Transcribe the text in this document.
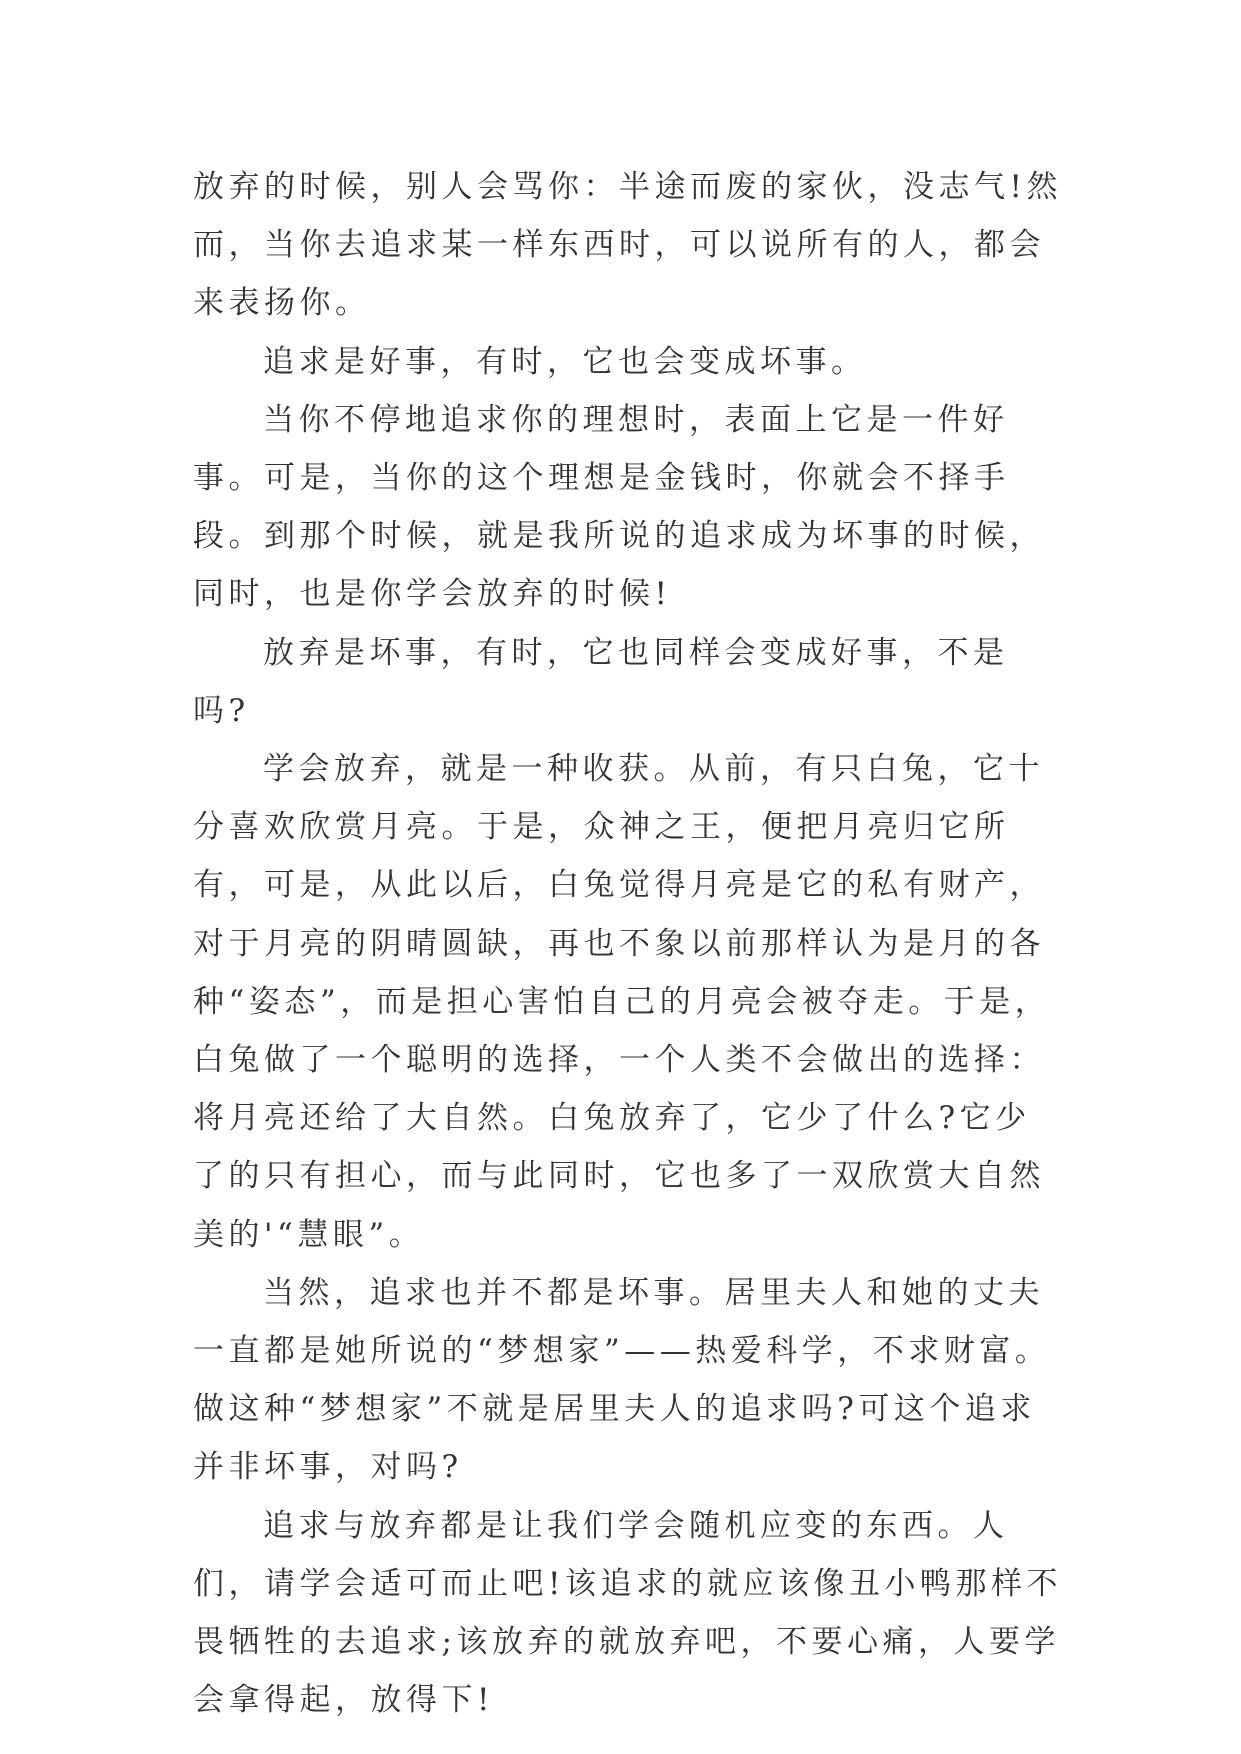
放弃的时候，别人会骂你：半途而废的家伙，没志气!然而，当你去追求某一样东西时，可以说所有的人，都会来表扬你。

追求是好事，有时，它也会变成坏事。

当你不停地追求你的理想时，表面上它是一件好事。可是，当你的这个理想是金钱时，你就会不择手段。到那个时候，就是我所说的追求成为坏事的时候，同时，也是你学会放弃的时候!

放弃是坏事，有时，它也同样会变成好事，不是吗?

学会放弃，就是一种收获。从前，有只白兔，它十分喜欢欣赏月亮。于是，众神之王，便把月亮归它所有，可是，从此以后，白兔觉得月亮是它的私有财产，对于月亮的阴晴圆缺，再也不象以前那样认为是月的各种“姿态”，而是担心害怕自己的月亮会被夺走。于是，白兔做了一个聪明的选择，一个人类不会做出的选择：将月亮还给了大自然。白兔放弃了，它少了什么?它少了的只有担心，而与此同时，它也多了一双欣赏大自然美的'“慧眼”。

当然，追求也并不都是坏事。居里夫人和她的丈夫一直都是她所说的“梦想家”——热爱科学，不求财富。做这种“梦想家”不就是居里夫人的追求吗?可这个追求并非坏事，对吗?

追求与放弃都是让我们学会随机应变的东西。人们，请学会适可而止吧!该追求的就应该像丑小鸭那样不畏牺牲的去追求;该放弃的就放弃吧，不要心痛，人要学会拿得起，放得下!
